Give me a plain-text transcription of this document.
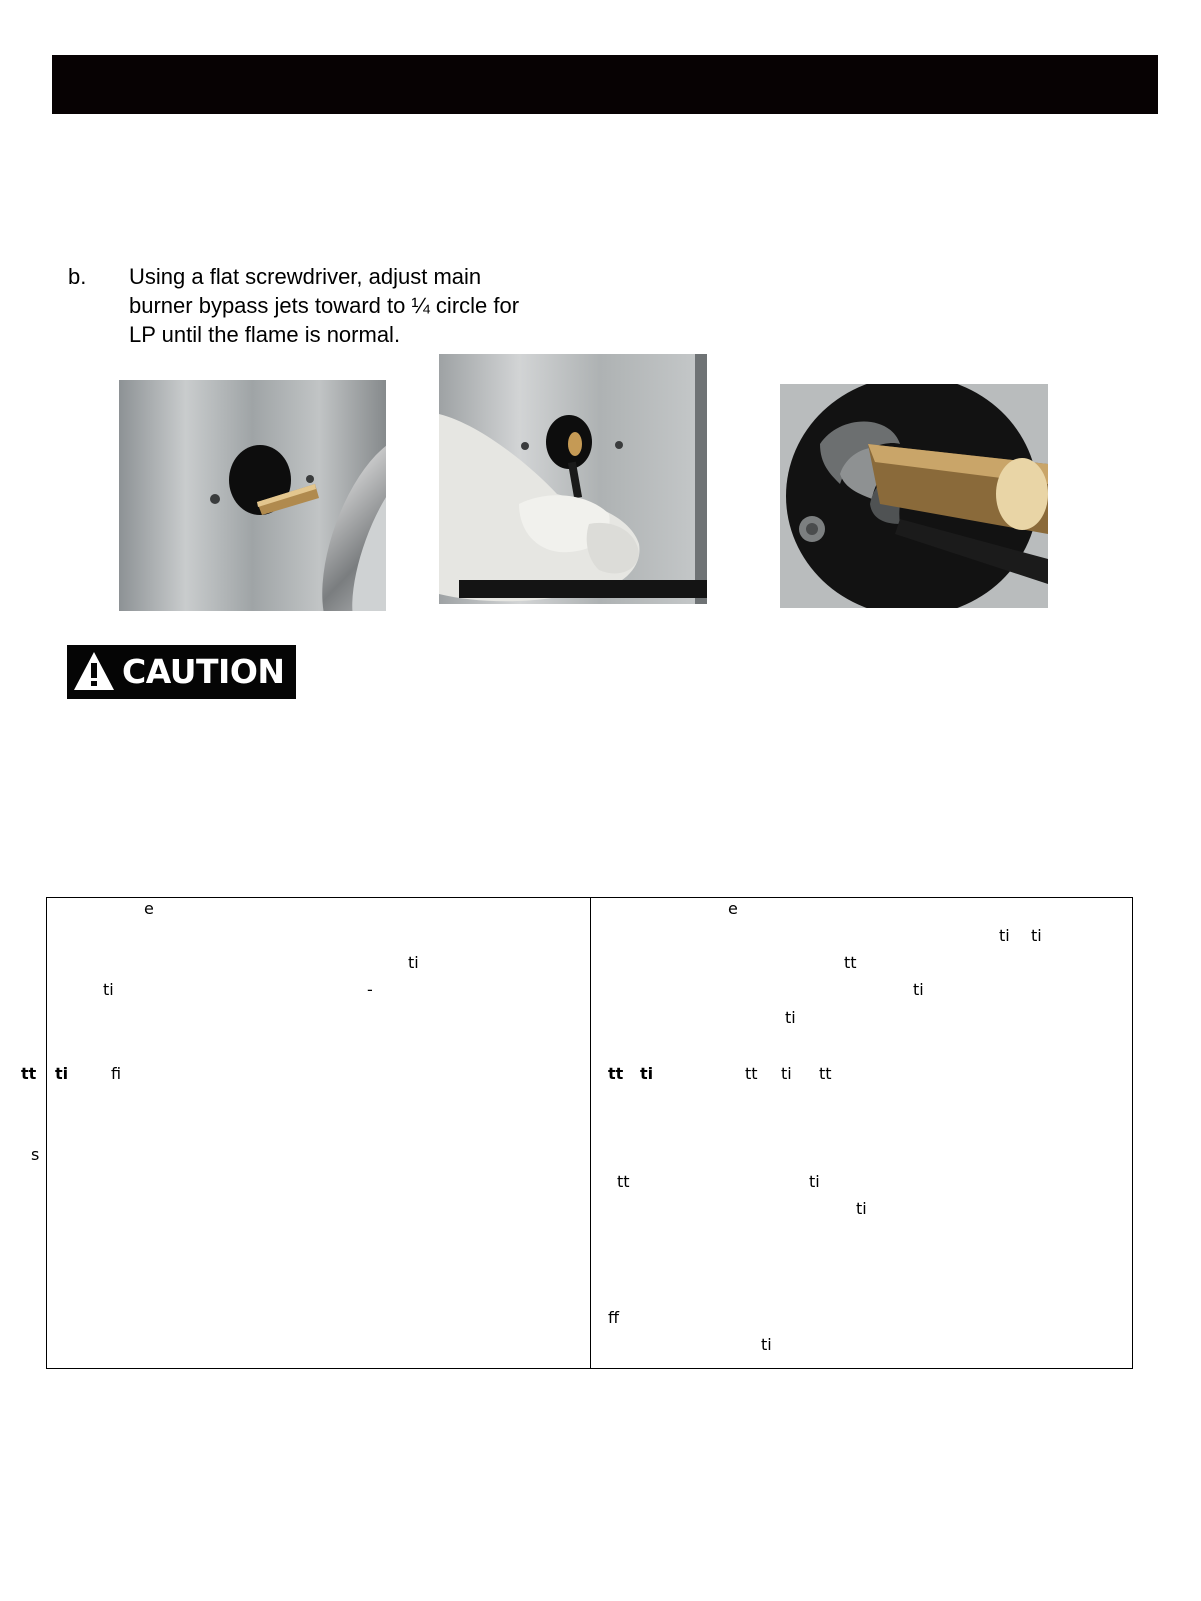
b. Using a flat screwdriver, adjust main
burner bypass jets toward to ¼ circle for
LP until the flame is normal.
CAUTION
e
ti
ti	-
tt ti	fi
s
e
ti ti
tt
ti
ti
tt ti	tt ti tt
tt	ti
ti
ff
ti
